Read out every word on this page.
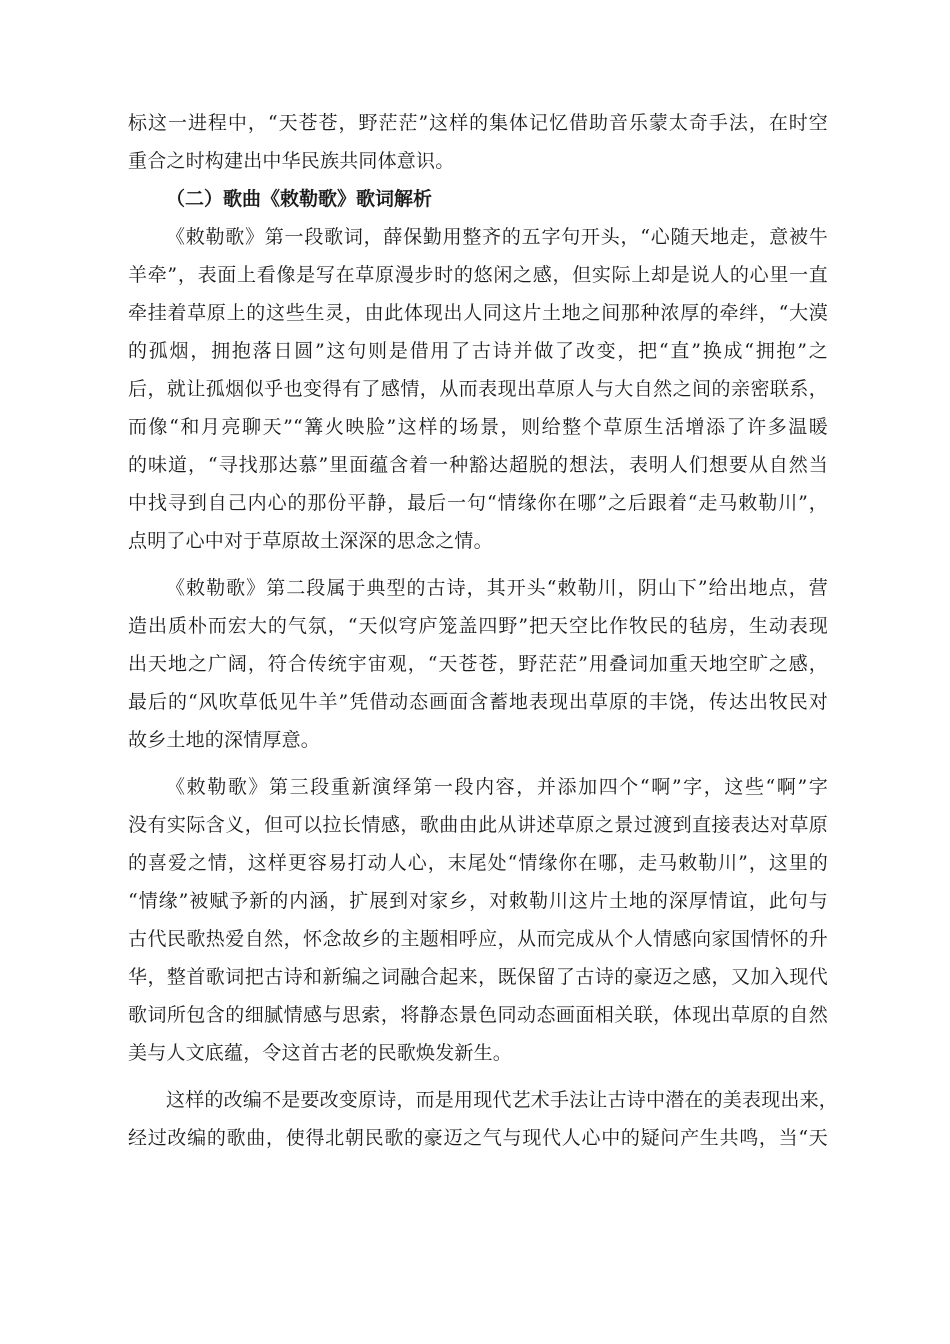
标这一进程中，“天苍苍，野茫茫”这样的集体记忆借助音乐蒙太奇手法，在时空
重合之时构建出中华民族共同体意识。
（二）歌曲《敕勒歌》歌词解析
《敕勒歌》第一段歌词，薛保勤用整齐的五字句开头，“心随天地走，意被牛
羊牵”，表面上看像是写在草原漫步时的悠闲之感，但实际上却是说人的心里一直
牵挂着草原上的这些生灵，由此体现出人同这片土地之间那种浓厚的牵绊，“大漠
的孤烟，拥抱落日圆”这句则是借用了古诗并做了改变，把“直”换成“拥抱”之
后，就让孤烟似乎也变得有了感情，从而表现出草原人与大自然之间的亲密联系，
而像“和月亮聊天”“篝火映脸”这样的场景，则给整个草原生活增添了许多温暖
的味道，“寻找那达慕”里面蕴含着一种豁达超脱的想法，表明人们想要从自然当
中找寻到自己内心的那份平静，最后一句“情缘你在哪”之后跟着“走马敕勒川”，
点明了心中对于草原故土深深的思念之情。
《敕勒歌》第二段属于典型的古诗，其开头“敕勒川，阴山下”给出地点，营
造出质朴而宏大的气氛，“天似穹庐笼盖四野”把天空比作牧民的毡房，生动表现
出天地之广阔，符合传统宇宙观，“天苍苍，野茫茫”用叠词加重天地空旷之感，
最后的“风吹草低见牛羊”凭借动态画面含蓄地表现出草原的丰饶，传达出牧民对
故乡土地的深情厚意。
《敕勒歌》第三段重新演绎第一段内容，并添加四个“啊”字，这些“啊”字
没有实际含义，但可以拉长情感，歌曲由此从讲述草原之景过渡到直接表达对草原
的喜爱之情，这样更容易打动人心，末尾处“情缘你在哪，走马敕勒川”，这里的
“情缘”被赋予新的内涵，扩展到对家乡，对敕勒川这片土地的深厚情谊，此句与
古代民歌热爱自然，怀念故乡的主题相呼应，从而完成从个人情感向家国情怀的升
华，整首歌词把古诗和新编之词融合起来，既保留了古诗的豪迈之感，又加入现代
歌词所包含的细腻情感与思索，将静态景色同动态画面相关联，体现出草原的自然
美与人文底蕴，令这首古老的民歌焕发新生。
这样的改编不是要改变原诗，而是用现代艺术手法让古诗中潜在的美表现出来，
经过改编的歌曲，使得北朝民歌的豪迈之气与现代人心中的疑问产生共鸣，当“天
